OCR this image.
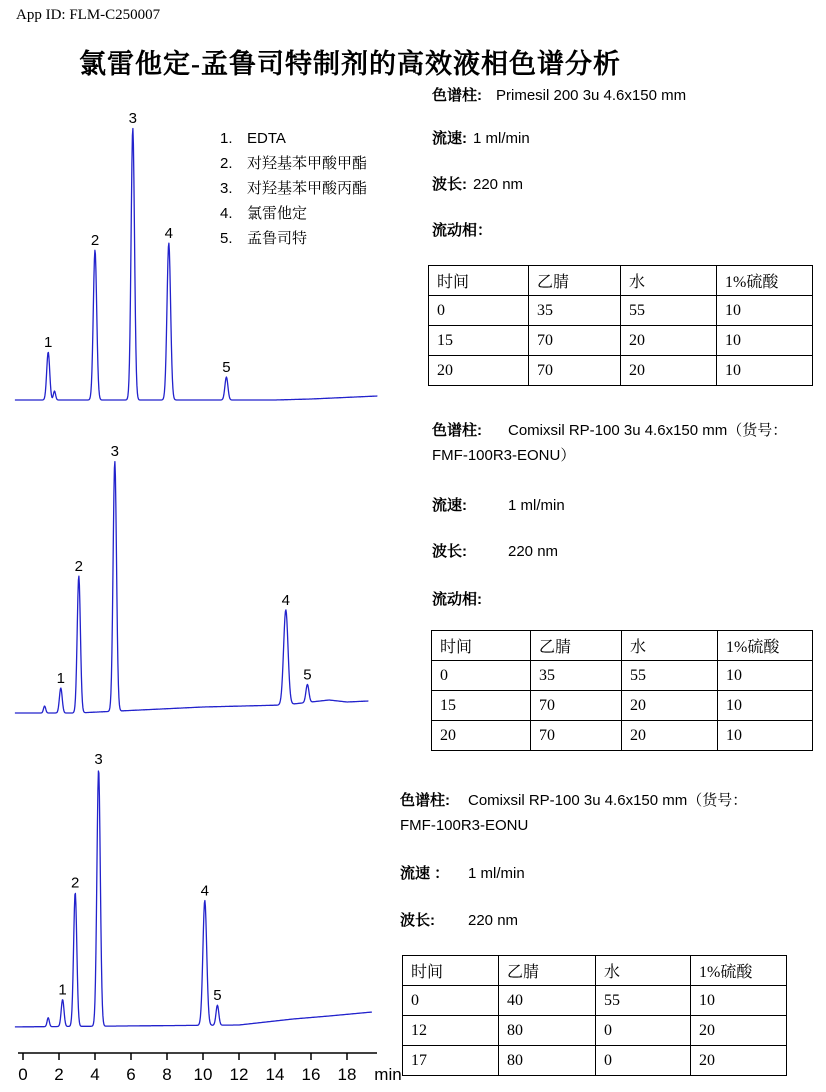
App ID: FLM-C250007
氯雷他定-孟鲁司特制剂的高效液相色谱分析
1. EDTA
2. 对羟基苯甲酸甲酯
3. 对羟基苯甲酸丙酯
4. 氯雷他定
5. 孟鲁司特
1
2
3
4
5
1
2
3
4
5
1
2
3
4
5
0 2 4 6 8 10 12 14 16 18 min
色谱柱: Primesil 200 3u 4.6x150 mm
流速: 1 ml/min
波长: 220 nm
流动相：
时间	乙腈	水	1%硫酸
0	35	55	10
15	70	20	10
20	70	20	10
色谱柱: Comixsil RP-100 3u 4.6x150 mm（货号：
FMF-100R3-EONU）
流速:	1 ml/min
波长:	220 nm
流动相:
时间	乙腈	水	1%硫酸
0	35	55	10
15	70	20	10
20	70	20	10
色谱柱: Comixsil RP-100 3u 4.6x150 mm（货号：
FMF-100R3-EONU
流速 ： 1 ml/min
波长: 220 nm
时间	乙腈	水	1%硫酸
0	40	55	10
12	80	0	20
17	80	0	20
